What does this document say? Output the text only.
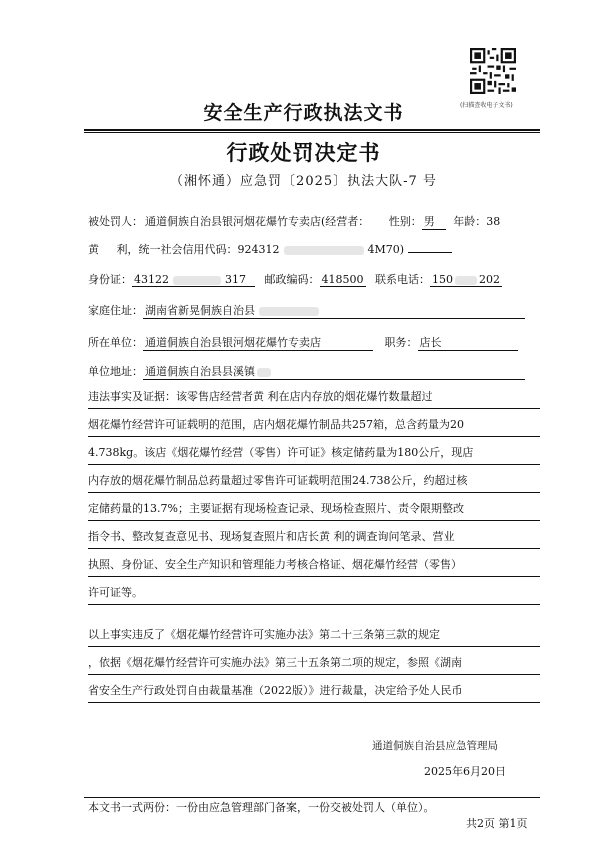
(扫描查收电子文书)
安全生产行政执法文书
行政处罚决定书
（湘怀通）应急罚〔2025〕执法大队-7 号
被处罚人： 通道侗族自治县银河烟花爆竹专卖店(经营者： 性别： 男 年龄：38
黄 利，统一社会信用代码：924312	4M70)
身份证： 43122	317 邮政编码： 418500 联系电话： 150 202
家庭住址： 湖南省新晃侗族自治县
所在单位： 通道侗族自治县银河烟花爆竹专卖店	职务： 店长
单位地址： 通道侗族自治县县溪镇
违法事实及证据：该零售店经营者黄 利在店内存放的烟花爆竹数量超过
烟花爆竹经营许可证载明的范围，店内烟花爆竹制品共257箱，总含药量为20
4.738kg。该店《烟花爆竹经营（零售）许可证》核定储药量为180公斤，现店
内存放的烟花爆竹制品总药量超过零售许可证载明范围24.738公斤，约超过核
定储药量的13.7%；主要证据有现场检查记录、现场检查照片、责令限期整改
指令书、整改复查意见书、现场复查照片和店长黄 利的调查询问笔录、营业
执照、身份证、安全生产知识和管理能力考核合格证、烟花爆竹经营（零售）
许可证等。
以上事实违反了《烟花爆竹经营许可实施办法》第二十三条第三款的规定
，依据《烟花爆竹经营许可实施办法》第三十五条第二项的规定，参照《湖南
省安全生产行政处罚自由裁量基准（2022版）》进行裁量，决定给予处人民币
通道侗族自治县应急管理局
2025年6月20日
本文书一式两份：一份由应急管理部门备案，一份交被处罚人（单位）。
共2页 第1页
